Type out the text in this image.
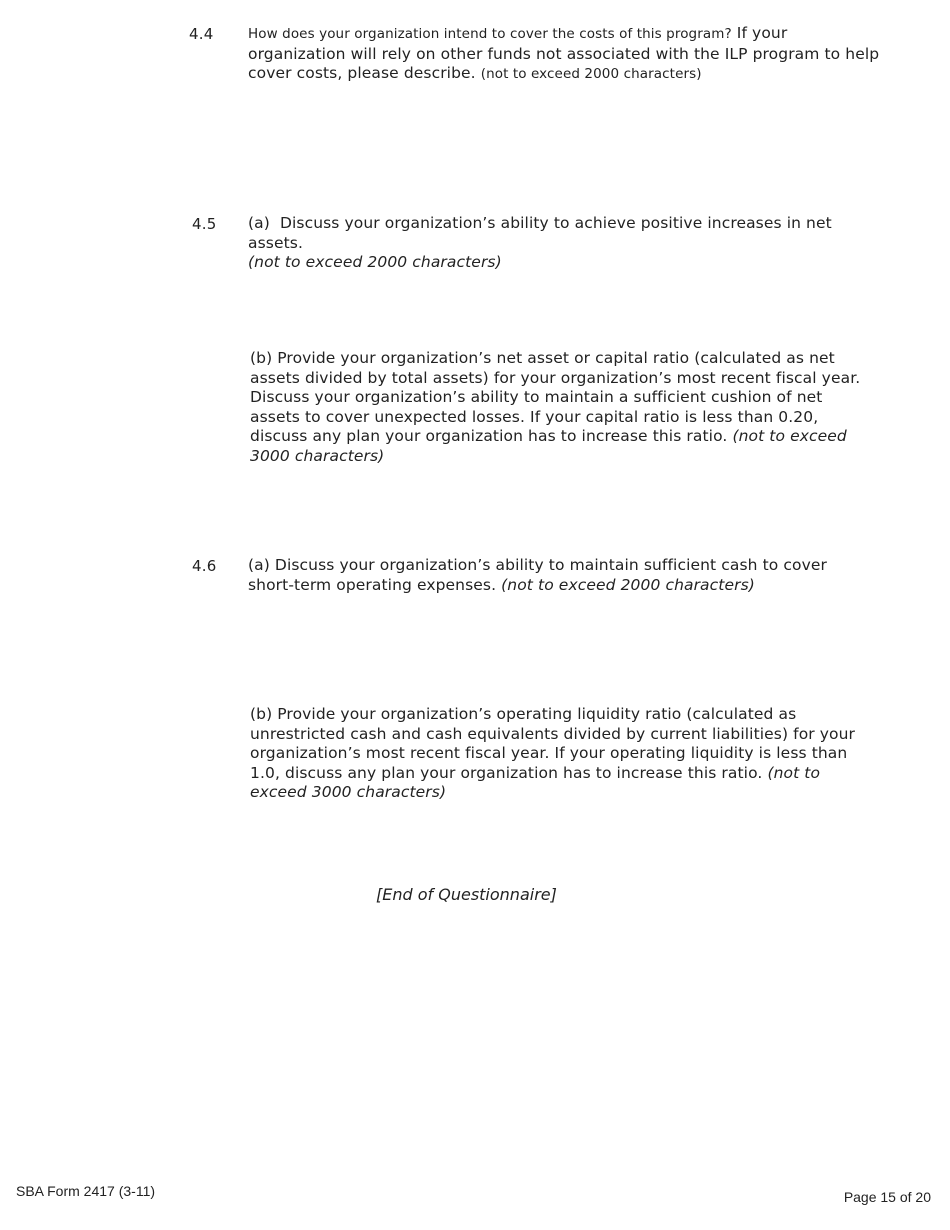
4.4	How does your organization intend to cover the costs of this program? If your organization will rely on other funds not associated with the ILP program to help cover costs, please describe. (not to exceed 2000 characters)
4.5 (a) Discuss your organization’s ability to achieve positive increases in net assets.
(not to exceed 2000 characters)
(b) Provide your organization’s net asset or capital ratio (calculated as net assets divided by total assets) for your organization’s most recent fiscal year. Discuss your organization’s ability to maintain a sufficient cushion of net assets to cover unexpected losses. If your capital ratio is less than 0.20, discuss any plan your organization has to increase this ratio. (not to exceed 3000 characters)
4.6 (a) Discuss your organization’s ability to maintain sufficient cash to cover short-term operating expenses. (not to exceed 2000 characters)
(b) Provide your organization’s operating liquidity ratio (calculated as unrestricted cash and cash equivalents divided by current liabilities) for your organization’s most recent fiscal year. If your operating liquidity is less than 1.0, discuss any plan your organization has to increase this ratio. (not to exceed 3000 characters)
[End of Questionnaire]
SBA Form 2417 (3-11)	Page 15 of 20
